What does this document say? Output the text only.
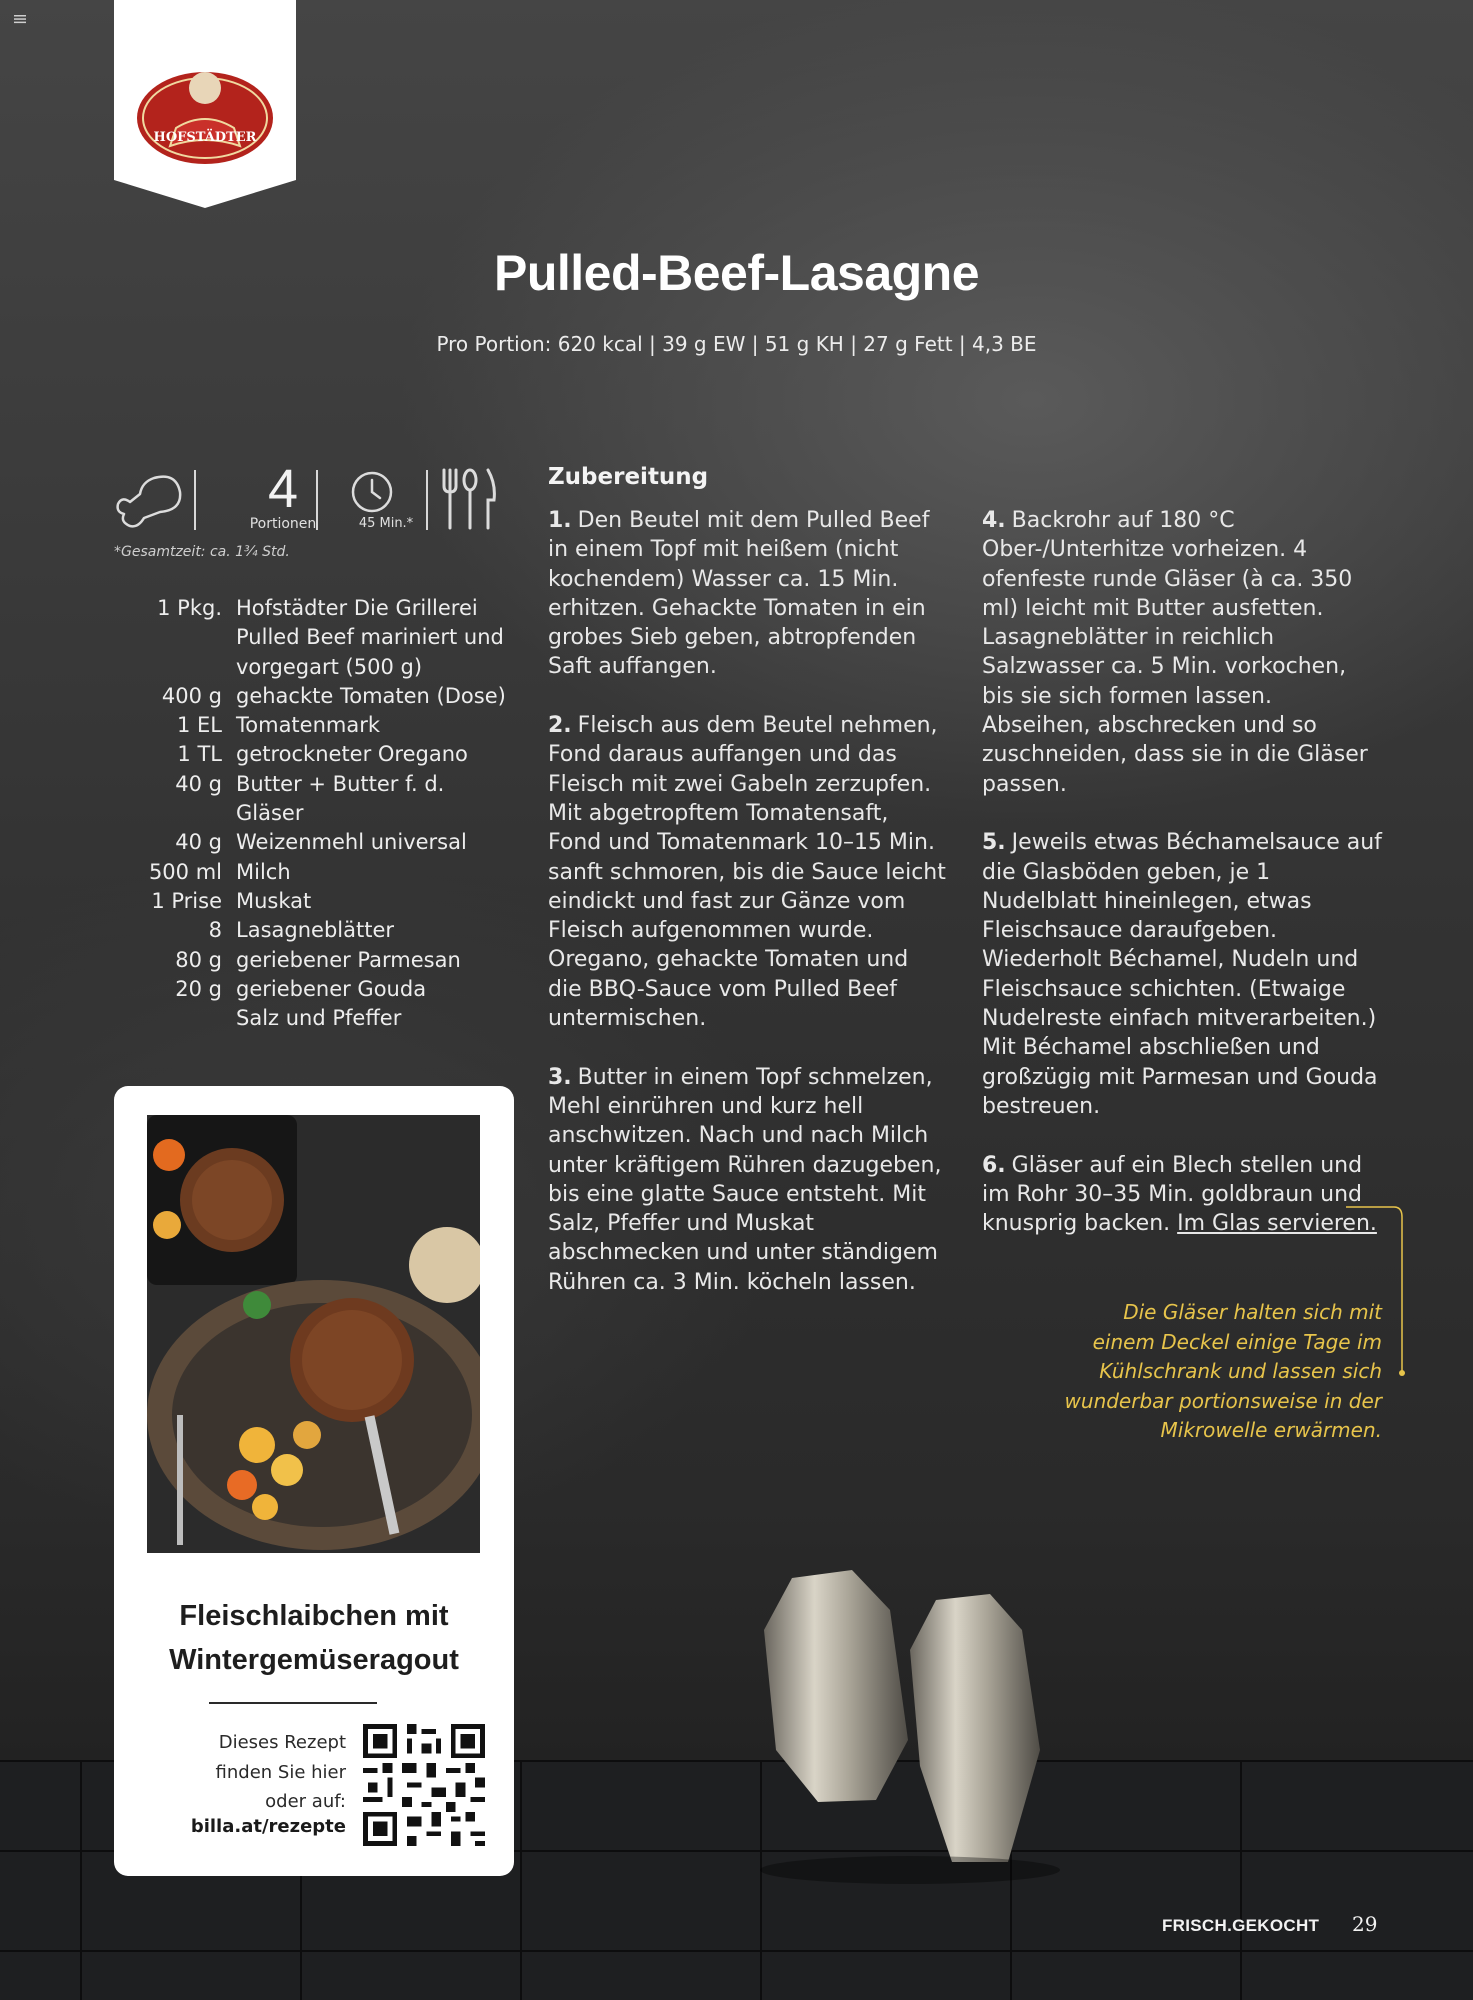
HOFSTÄDTER
Pulled-Beef-Lasagne
Pro Portion: 620 kcal | 39 g EW | 51 g KH | 27 g Fett | 4,3 BE
4
Portionen	45 Min.*
*Gesamtzeit: ca. 1¾ Std.
1 Pkg. Hofstädter Die Grillerei
Pulled Beef mariniert und
vorgegart (500 g)
400 g gehackte Tomaten (Dose)
1 EL Tomatenmark
1 TL getrockneter Oregano
40 g Butter + Butter f. d. Gläser
40 g Weizenmehl universal
500 ml Milch
1 Prise Muskat
8 Lasagneblätter
80 g geriebener Parmesan
20 g geriebener Gouda
Salz und Pfeffer
Zubereitung

1. Den Beutel mit dem Pulled Beef in einem Topf mit heißem (nicht kochendem) Wasser ca. 15 Min. erhitzen. Gehackte Tomaten in ein grobes Sieb geben, abtropfenden Saft auffangen.

2. Fleisch aus dem Beutel nehmen, Fond daraus auffangen und das Fleisch mit zwei Gabeln zerzupfen. Mit abgetropftem Tomatensaft, Fond und Tomatenmark 10–15 Min. sanft schmoren, bis die Sauce leicht eindickt und fast zur Gänze vom Fleisch aufgenommen wurde. Oregano, gehackte Tomaten und die BBQ-Sauce vom Pulled Beef untermischen.

3. Butter in einem Topf schmelzen, Mehl einrühren und kurz hell anschwitzen. Nach und nach Milch unter kräftigem Rühren dazugeben, bis eine glatte Sauce entsteht. Mit Salz, Pfeffer und Muskat abschmecken und unter ständigem Rühren ca. 3 Min. köcheln lassen.

4. Backrohr auf 180 °C Ober-/Unterhitze vorheizen. 4 ofenfeste runde Gläser (à ca. 350 ml) leicht mit Butter ausfetten. Lasagneblätter in reichlich Salzwasser ca. 5 Min. vorkochen, bis sie sich formen lassen. Abseihen, abschrecken und so zuschneiden, dass sie in die Gläser passen.

5. Jeweils etwas Béchamelsauce auf die Glasböden geben, je 1 Nudelblatt hineinlegen, etwas Fleischsauce daraufgeben. Wiederholt Béchamel, Nudeln und Fleischsauce schichten. (Etwaige Nudelreste einfach mitverarbeiten.) Mit Béchamel abschließen und großzügig mit Parmesan und Gouda bestreuen.

6. Gläser auf ein Blech stellen und im Rohr 30–35 Min. goldbraun und knusprig backen. Im Glas servieren.

Die Gläser halten sich mit einem Deckel einige Tage im Kühlschrank und lassen sich wunderbar portionsweise in der Mikrowelle erwärmen.
Fleischlaibchen mit
Wintergemüseragout
Dieses Rezept
finden Sie hier
oder auf:
billa.at/rezepte
FRISCH.GEKOCHT 29
